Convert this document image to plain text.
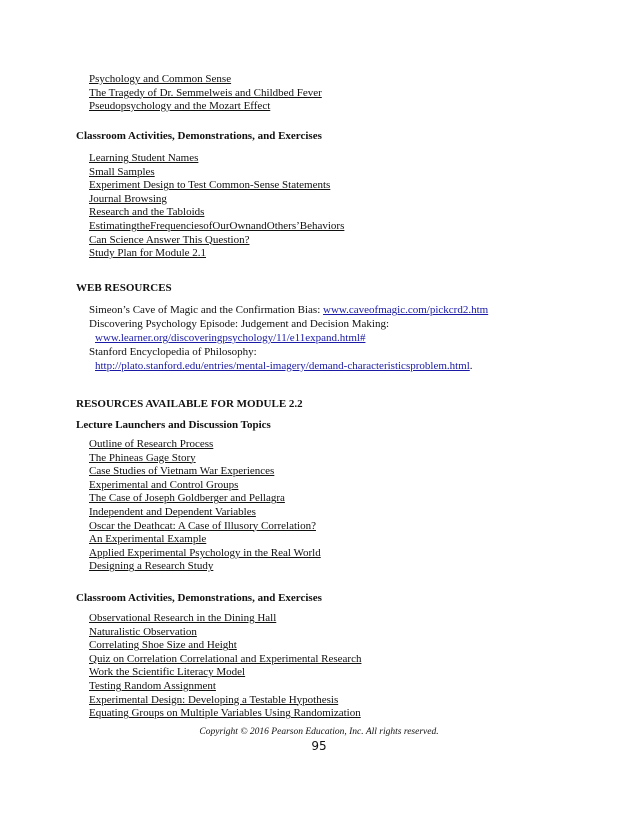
Psychology and Common Sense
The Tragedy of Dr. Semmelweis and Childbed Fever
Pseudopsychology and the Mozart Effect
Classroom Activities, Demonstrations, and Exercises
Learning Student Names
Small Samples
Experiment Design to Test Common-Sense Statements
Journal Browsing
Research and the Tabloids
EstimatingtheFrequenciesofOurOwnandOthers’Behaviors
Can Science Answer This Question?
Study Plan for Module 2.1
WEB RESOURCES
Simeon’s Cave of Magic and the Confirmation Bias: www.caveofmagic.com/pickcrd2.htm
Discovering Psychology Episode: Judgement and Decision Making:
www.learner.org/discoveringpsychology/11/e11expand.html#
Stanford Encyclopedia of Philosophy:
http://plato.stanford.edu/entries/mental-imagery/demand-characteristicsproblem.html.
RESOURCES AVAILABLE FOR MODULE 2.2
Lecture Launchers and Discussion Topics
Outline of Research Process
The Phineas Gage Story
Case Studies of Vietnam War Experiences
Experimental and Control Groups
The Case of Joseph Goldberger and Pellagra
Independent and Dependent Variables
Oscar the Deathcat: A Case of Illusory Correlation?
An Experimental Example
Applied Experimental Psychology in the Real World
Designing a Research Study
Classroom Activities, Demonstrations, and Exercises
Observational Research in the Dining Hall
Naturalistic Observation
Correlating Shoe Size and Height
Quiz on Correlation Correlational and Experimental Research
Work the Scientific Literacy Model
Testing Random Assignment
Experimental Design: Developing a Testable Hypothesis
Equating Groups on Multiple Variables Using Randomization
Copyright © 2016 Pearson Education, Inc. All rights reserved.
95
